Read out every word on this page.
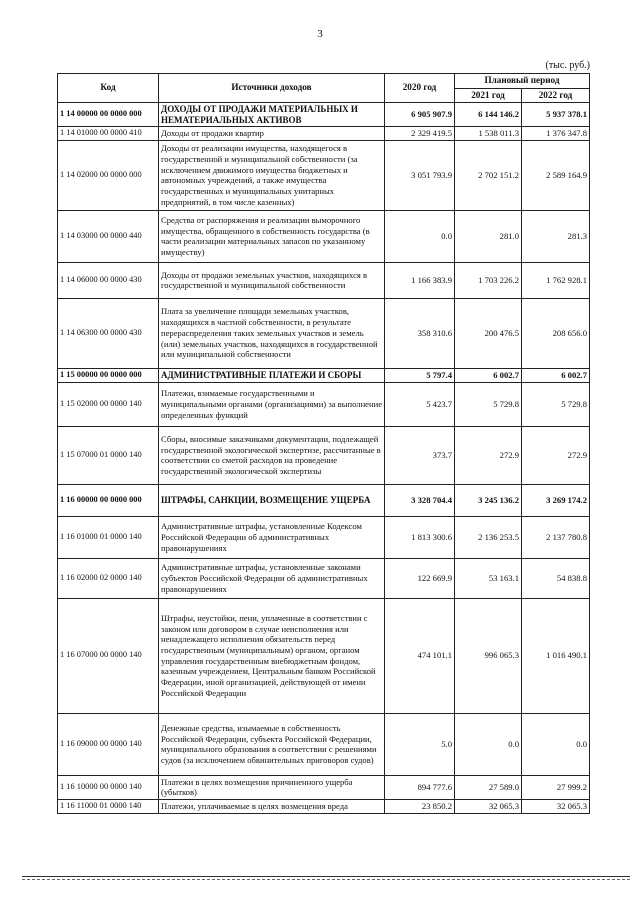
3
(тыс. руб.)
Код	Источники доходов	2020 год	Плановый период	
			2021 год	2022 год
1 14 00000 00 0000 000	ДОХОДЫ ОТ ПРОДАЖИ МАТЕРИАЛЬНЫХ И НЕМАТЕРИАЛЬНЫХ АКТИВОВ	6 905 907.9	6 144 146.2	5 937 378.1
1 14 01000 00 0000 410	Доходы от продажи квартир	2 329 419.5	1 538 011.3	1 376 347.8
1 14 02000 00 0000 000	Доходы от реализации имущества, находящегося в государственной и муниципальной собственности (за исключением движимого имущества бюджетных и автономных учреждений, а также имущества государственных и муниципальных унитарных предприятий, в том числе казенных)	3 051 793.9	2 702 151.2	2 589 164.9
1 14 03000 00 0000 440	Средства от распоряжения и реализации выморочного имущества, обращенного в собственность государства (в части реализации материальных запасов по указанному имуществу)	0.0	281.0	281.3
1 14 06000 00 0000 430	Доходы от продажи земельных участков, находящихся в государственной и муниципальной собственности	1 166 383.9	1 703 226.2	1 762 928.1
1 14 06300 00 0000 430	Плата за увеличение площади земельных участков, находящихся в частной собственности, в результате перераспределения таких земельных участков и земель (или) земельных участков, находящихся в государственной или муниципальной собственности	358 310.6	200 476.5	208 656.0
1 15 00000 00 0000 000	АДМИНИСТРАТИВНЫЕ ПЛАТЕЖИ И СБОРЫ	5 797.4	6 002.7	6 002.7
1 15 02000 00 0000 140	Платежи, взимаемые государственными и муниципальными органами (организациями) за выполнение определенных функций	5 423.7	5 729.8	5 729.8
1 15 07000 01 0000 140	Сборы, вносимые заказчиками документации, подлежащей государственной экологической экспертизе, рассчитанные в соответствии со сметой расходов на проведение государственной экологической экспертизы	373.7	272.9	272.9
1 16 00000 00 0000 000	ШТРАФЫ, САНКЦИИ, ВОЗМЕЩЕНИЕ УЩЕРБА	3 328 704.4	3 245 136.2	3 269 174.2
1 16 01000 01 0000 140	Административные штрафы, установленные Кодексом Российской Федерации об административных правонарушениях	1 813 300.6	2 136 253.5	2 137 780.8
1 16 02000 02 0000 140	Административные штрафы, установленные законами субъектов Российской Федерации об административных правонарушениях	122 669.9	53 163.1	54 838.8
1 16 07000 00 0000 140	Штрафы, неустойки, пени, уплаченные в соответствии с законом или договором в случае неисполнения или ненадлежащего исполнения обязательств перед государственным (муниципальным) органом, органом управления государственным внебюджетным фондом, казенным учреждением, Центральным банком Российской Федерации, иной организацией, действующей от имени Российской Федерации	474 101.1	996 065.3	1 016 490.1
1 16 09000 00 0000 140	Денежные средства, изымаемые в собственность Российской Федерации, субъекта Российской Федерации, муниципального образования в соответствии с решениями судов (за исключением обвинительных приговоров судов)	5.0	0.0	0.0
1 16 10000 00 0000 140	Платежи в целях возмещения причиненного ущерба (убытков)	894 777.6	27 589.0	27 999.2
1 16 11000 01 0000 140	Платежи, уплачиваемые в целях возмещения вреда	23 850.2	32 065.3	32 065.3
